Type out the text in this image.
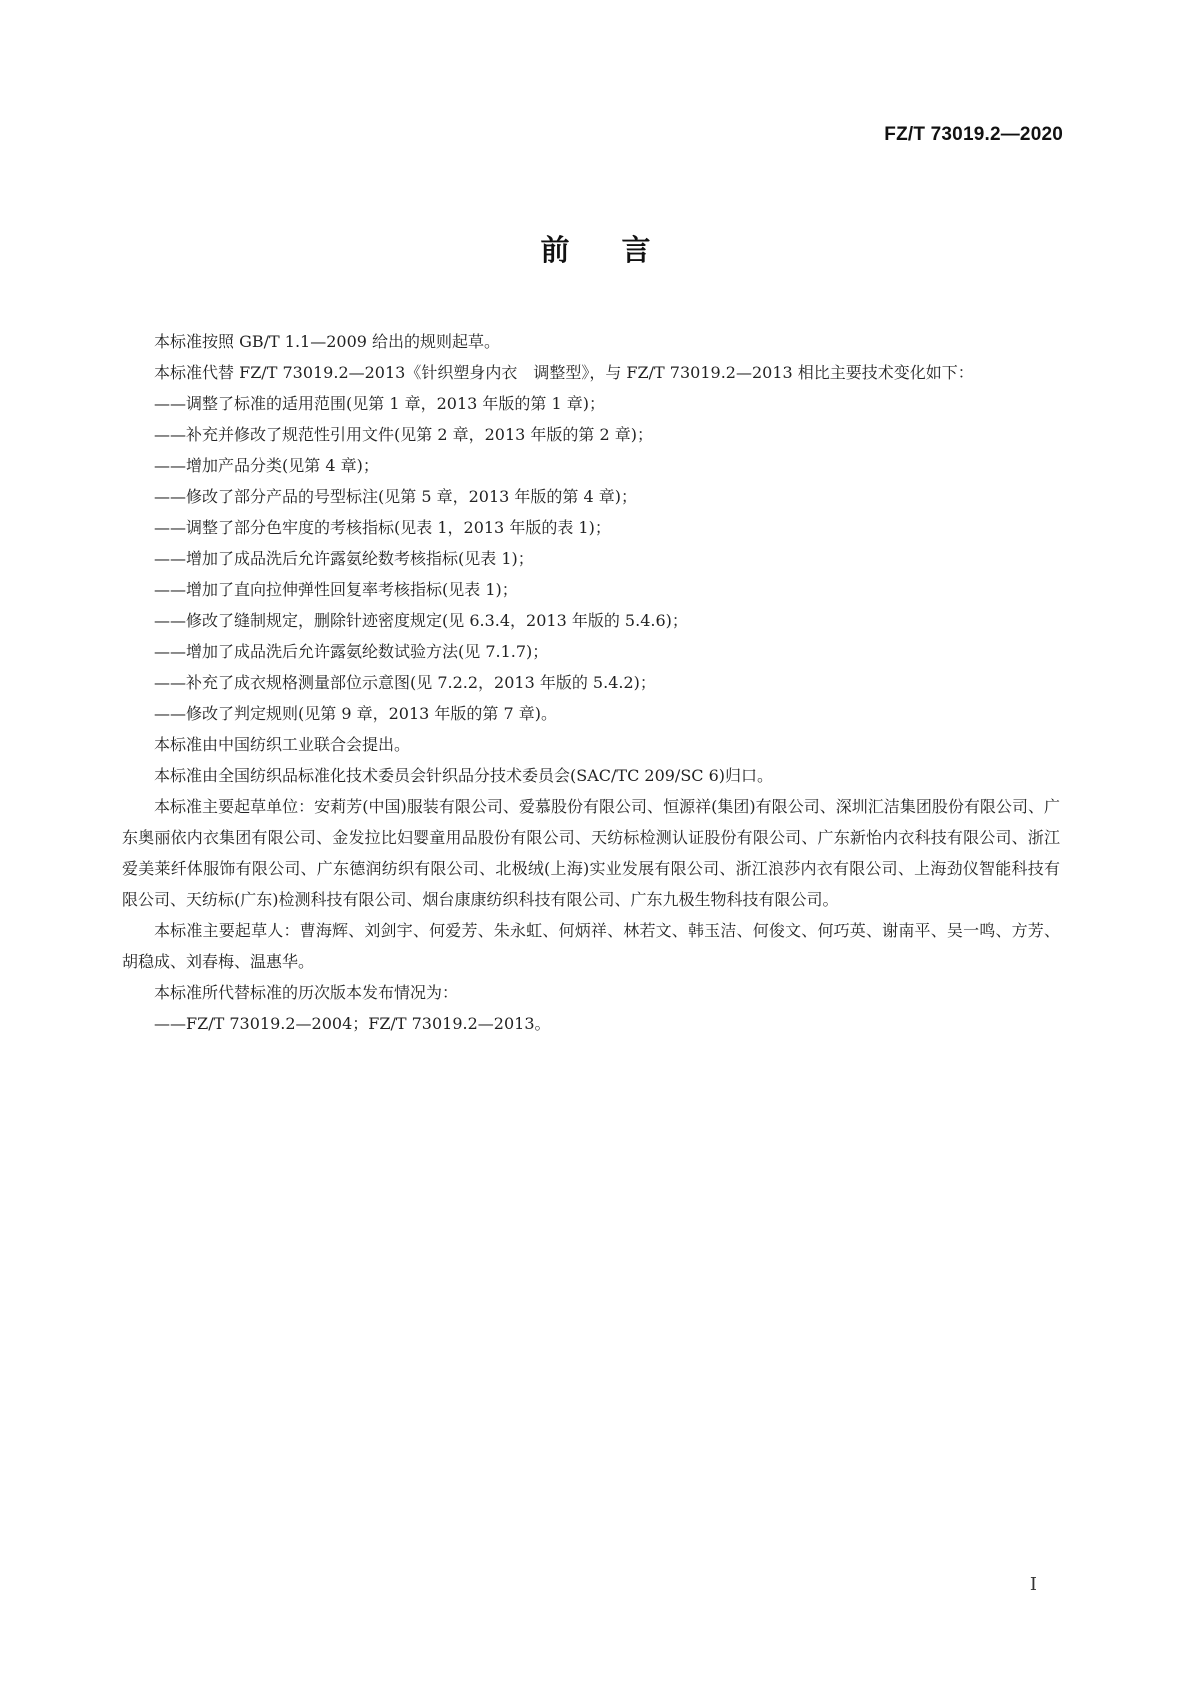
FZ/T 73019.2—2020
前言

本标准按照 GB/T 1.1—2009 给出的规则起草。

本标准代替 FZ/T 73019.2—2013《针织塑身内衣　调整型》，与 FZ/T 73019.2—2013 相比主要技术变化如下：

——调整了标准的适用范围(见第 1 章，2013 年版的第 1 章)；

——补充并修改了规范性引用文件(见第 2 章，2013 年版的第 2 章)；

——增加产品分类(见第 4 章)；

——修改了部分产品的号型标注(见第 5 章，2013 年版的第 4 章)；

——调整了部分色牢度的考核指标(见表 1，2013 年版的表 1)；

——增加了成品洗后允许露氨纶数考核指标(见表 1)；

——增加了直向拉伸弹性回复率考核指标(见表 1)；

——修改了缝制规定，删除针迹密度规定(见 6.3.4，2013 年版的 5.4.6)；

——增加了成品洗后允许露氨纶数试验方法(见 7.1.7)；

——补充了成衣规格测量部位示意图(见 7.2.2，2013 年版的 5.4.2)；

——修改了判定规则(见第 9 章，2013 年版的第 7 章)。

本标准由中国纺织工业联合会提出。

本标准由全国纺织品标准化技术委员会针织品分技术委员会(SAC/TC 209/SC 6)归口。

本标准主要起草单位：安莉芳(中国)服装有限公司、爱慕股份有限公司、恒源祥(集团)有限公司、深圳汇洁集团股份有限公司、广东奥丽依内衣集团有限公司、金发拉比妇婴童用品股份有限公司、天纺标检测认证股份有限公司、广东新怡内衣科技有限公司、浙江爱美莱纤体服饰有限公司、广东德润纺织有限公司、北极绒(上海)实业发展有限公司、浙江浪莎内衣有限公司、上海劲仪智能科技有限公司、天纺标(广东)检测科技有限公司、烟台康康纺织科技有限公司、广东九极生物科技有限公司。

本标准主要起草人：曹海辉、刘剑宇、何爱芳、朱永虹、何炳祥、林若文、韩玉洁、何俊文、何巧英、谢南平、吴一鸣、方芳、胡稳成、刘春梅、温惠华。

本标准所代替标准的历次版本发布情况为：

——FZ/T 73019.2—2004；FZ/T 73019.2—2013。

I
